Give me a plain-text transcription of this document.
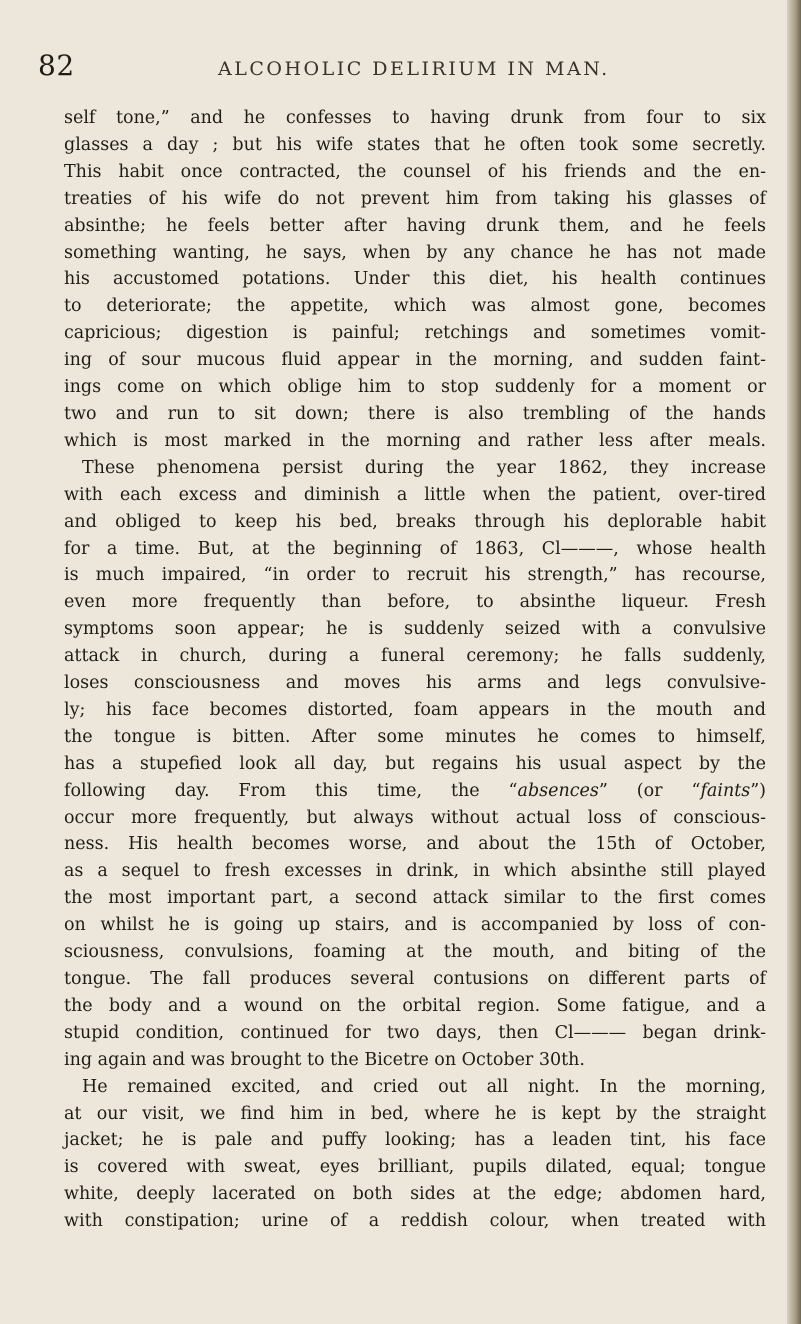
82	ALCOHOLIC DELIRIUM IN MAN.
self tone,” and he confesses to having drunk from four to six
glasses a day ; but his wife states that he often took some secretly.
This habit once contracted, the counsel of his friends and the en-
treaties of his wife do not prevent him from taking his glasses of
absinthe; he feels better after having drunk them, and he feels
something wanting, he says, when by any chance he has not made
his accustomed potations. Under this diet, his health continues
to deteriorate; the appetite, which was almost gone, becomes
capricious; digestion is painful; retchings and sometimes vomit-
ing of sour mucous fluid appear in the morning, and sudden faint-
ings come on which oblige him to stop suddenly for a moment or
two and run to sit down; there is also trembling of the hands
which is most marked in the morning and rather less after meals.
These phenomena persist during the year 1862, they increase
with each excess and diminish a little when the patient, over-tired
and obliged to keep his bed, breaks through his deplorable habit
for a time. But, at the beginning of 1863, Cl———, whose health
is much impaired, “in order to recruit his strength,” has recourse,
even more frequently than before, to absinthe liqueur. Fresh
symptoms soon appear; he is suddenly seized with a convulsive
attack in church, during a funeral ceremony; he falls suddenly,
loses consciousness and moves his arms and legs convulsive-
ly; his face becomes distorted, foam appears in the mouth and
the tongue is bitten. After some minutes he comes to himself,
has a stupefied look all day, but regains his usual aspect by the
following day. From this time, the “absences” (or “faints”)
occur more frequently, but always without actual loss of conscious-
ness. His health becomes worse, and about the 15th of October,
as a sequel to fresh excesses in drink, in which absinthe still played
the most important part, a second attack similar to the first comes
on whilst he is going up stairs, and is accompanied by loss of con-
sciousness, convulsions, foaming at the mouth, and biting of the
tongue. The fall produces several contusions on different parts of
the body and a wound on the orbital region. Some fatigue, and a
stupid condition, continued for two days, then Cl——— began drink-
ing again and was brought to the Bicetre on October 30th.
He remained excited, and cried out all night. In the morning,
at our visit, we find him in bed, where he is kept by the straight
jacket; he is pale and puffy looking; has a leaden tint, his face
is covered with sweat, eyes brilliant, pupils dilated, equal; tongue
white, deeply lacerated on both sides at the edge; abdomen hard,
with constipation; urine of a reddish colour, when treated with
